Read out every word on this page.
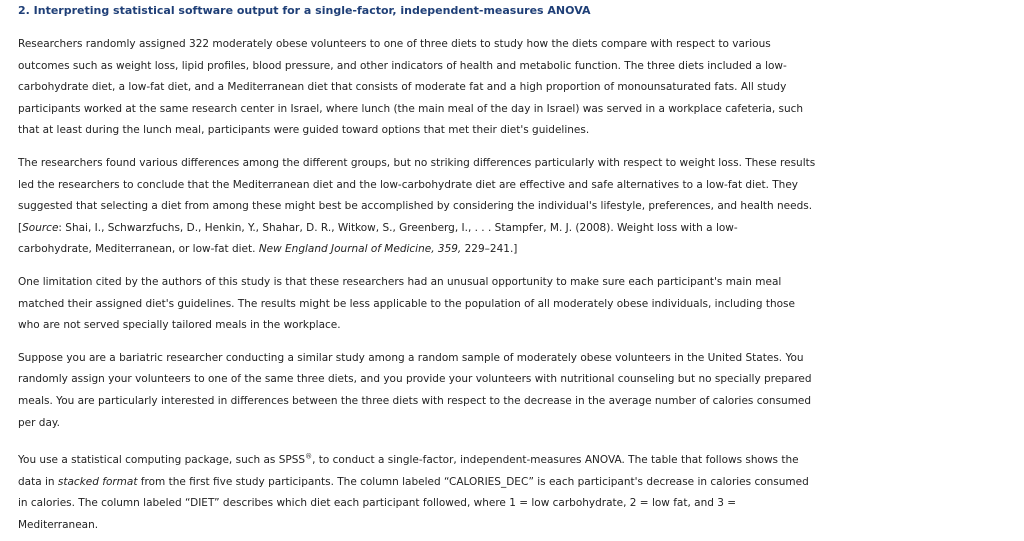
2. Interpreting statistical software output for a single-factor, independent-measures ANOVA

Researchers randomly assigned 322 moderately obese volunteers to one of three diets to study how the diets compare with respect to various
outcomes such as weight loss, lipid profiles, blood pressure, and other indicators of health and metabolic function. The three diets included a low-
carbohydrate diet, a low-fat diet, and a Mediterranean diet that consists of moderate fat and a high proportion of monounsaturated fats. All study
participants worked at the same research center in Israel, where lunch (the main meal of the day in Israel) was served in a workplace cafeteria, such
that at least during the lunch meal, participants were guided toward options that met their diet's guidelines.

The researchers found various differences among the different groups, but no striking differences particularly with respect to weight loss. These results
led the researchers to conclude that the Mediterranean diet and the low-carbohydrate diet are effective and safe alternatives to a low-fat diet. They
suggested that selecting a diet from among these might best be accomplished by considering the individual's lifestyle, preferences, and health needs.
[Source: Shai, I., Schwarzfuchs, D., Henkin, Y., Shahar, D. R., Witkow, S., Greenberg, I., . . . Stampfer, M. J. (2008). Weight loss with a low-
carbohydrate, Mediterranean, or low-fat diet. New England Journal of Medicine, 359, 229–241.]

One limitation cited by the authors of this study is that these researchers had an unusual opportunity to make sure each participant's main meal
matched their assigned diet's guidelines. The results might be less applicable to the population of all moderately obese individuals, including those
who are not served specially tailored meals in the workplace.

Suppose you are a bariatric researcher conducting a similar study among a random sample of moderately obese volunteers in the United States. You
randomly assign your volunteers to one of the same three diets, and you provide your volunteers with nutritional counseling but no specially prepared
meals. You are particularly interested in differences between the three diets with respect to the decrease in the average number of calories consumed
per day.

You use a statistical computing package, such as SPSS®, to conduct a single-factor, independent-measures ANOVA. The table that follows shows the
data in stacked format from the first five study participants. The column labeled “CALORIES_DEC” is each participant's decrease in calories consumed
in calories. The column labeled “DIET” describes which diet each participant followed, where 1 = low carbohydrate, 2 = low fat, and 3 =
Mediterranean.
